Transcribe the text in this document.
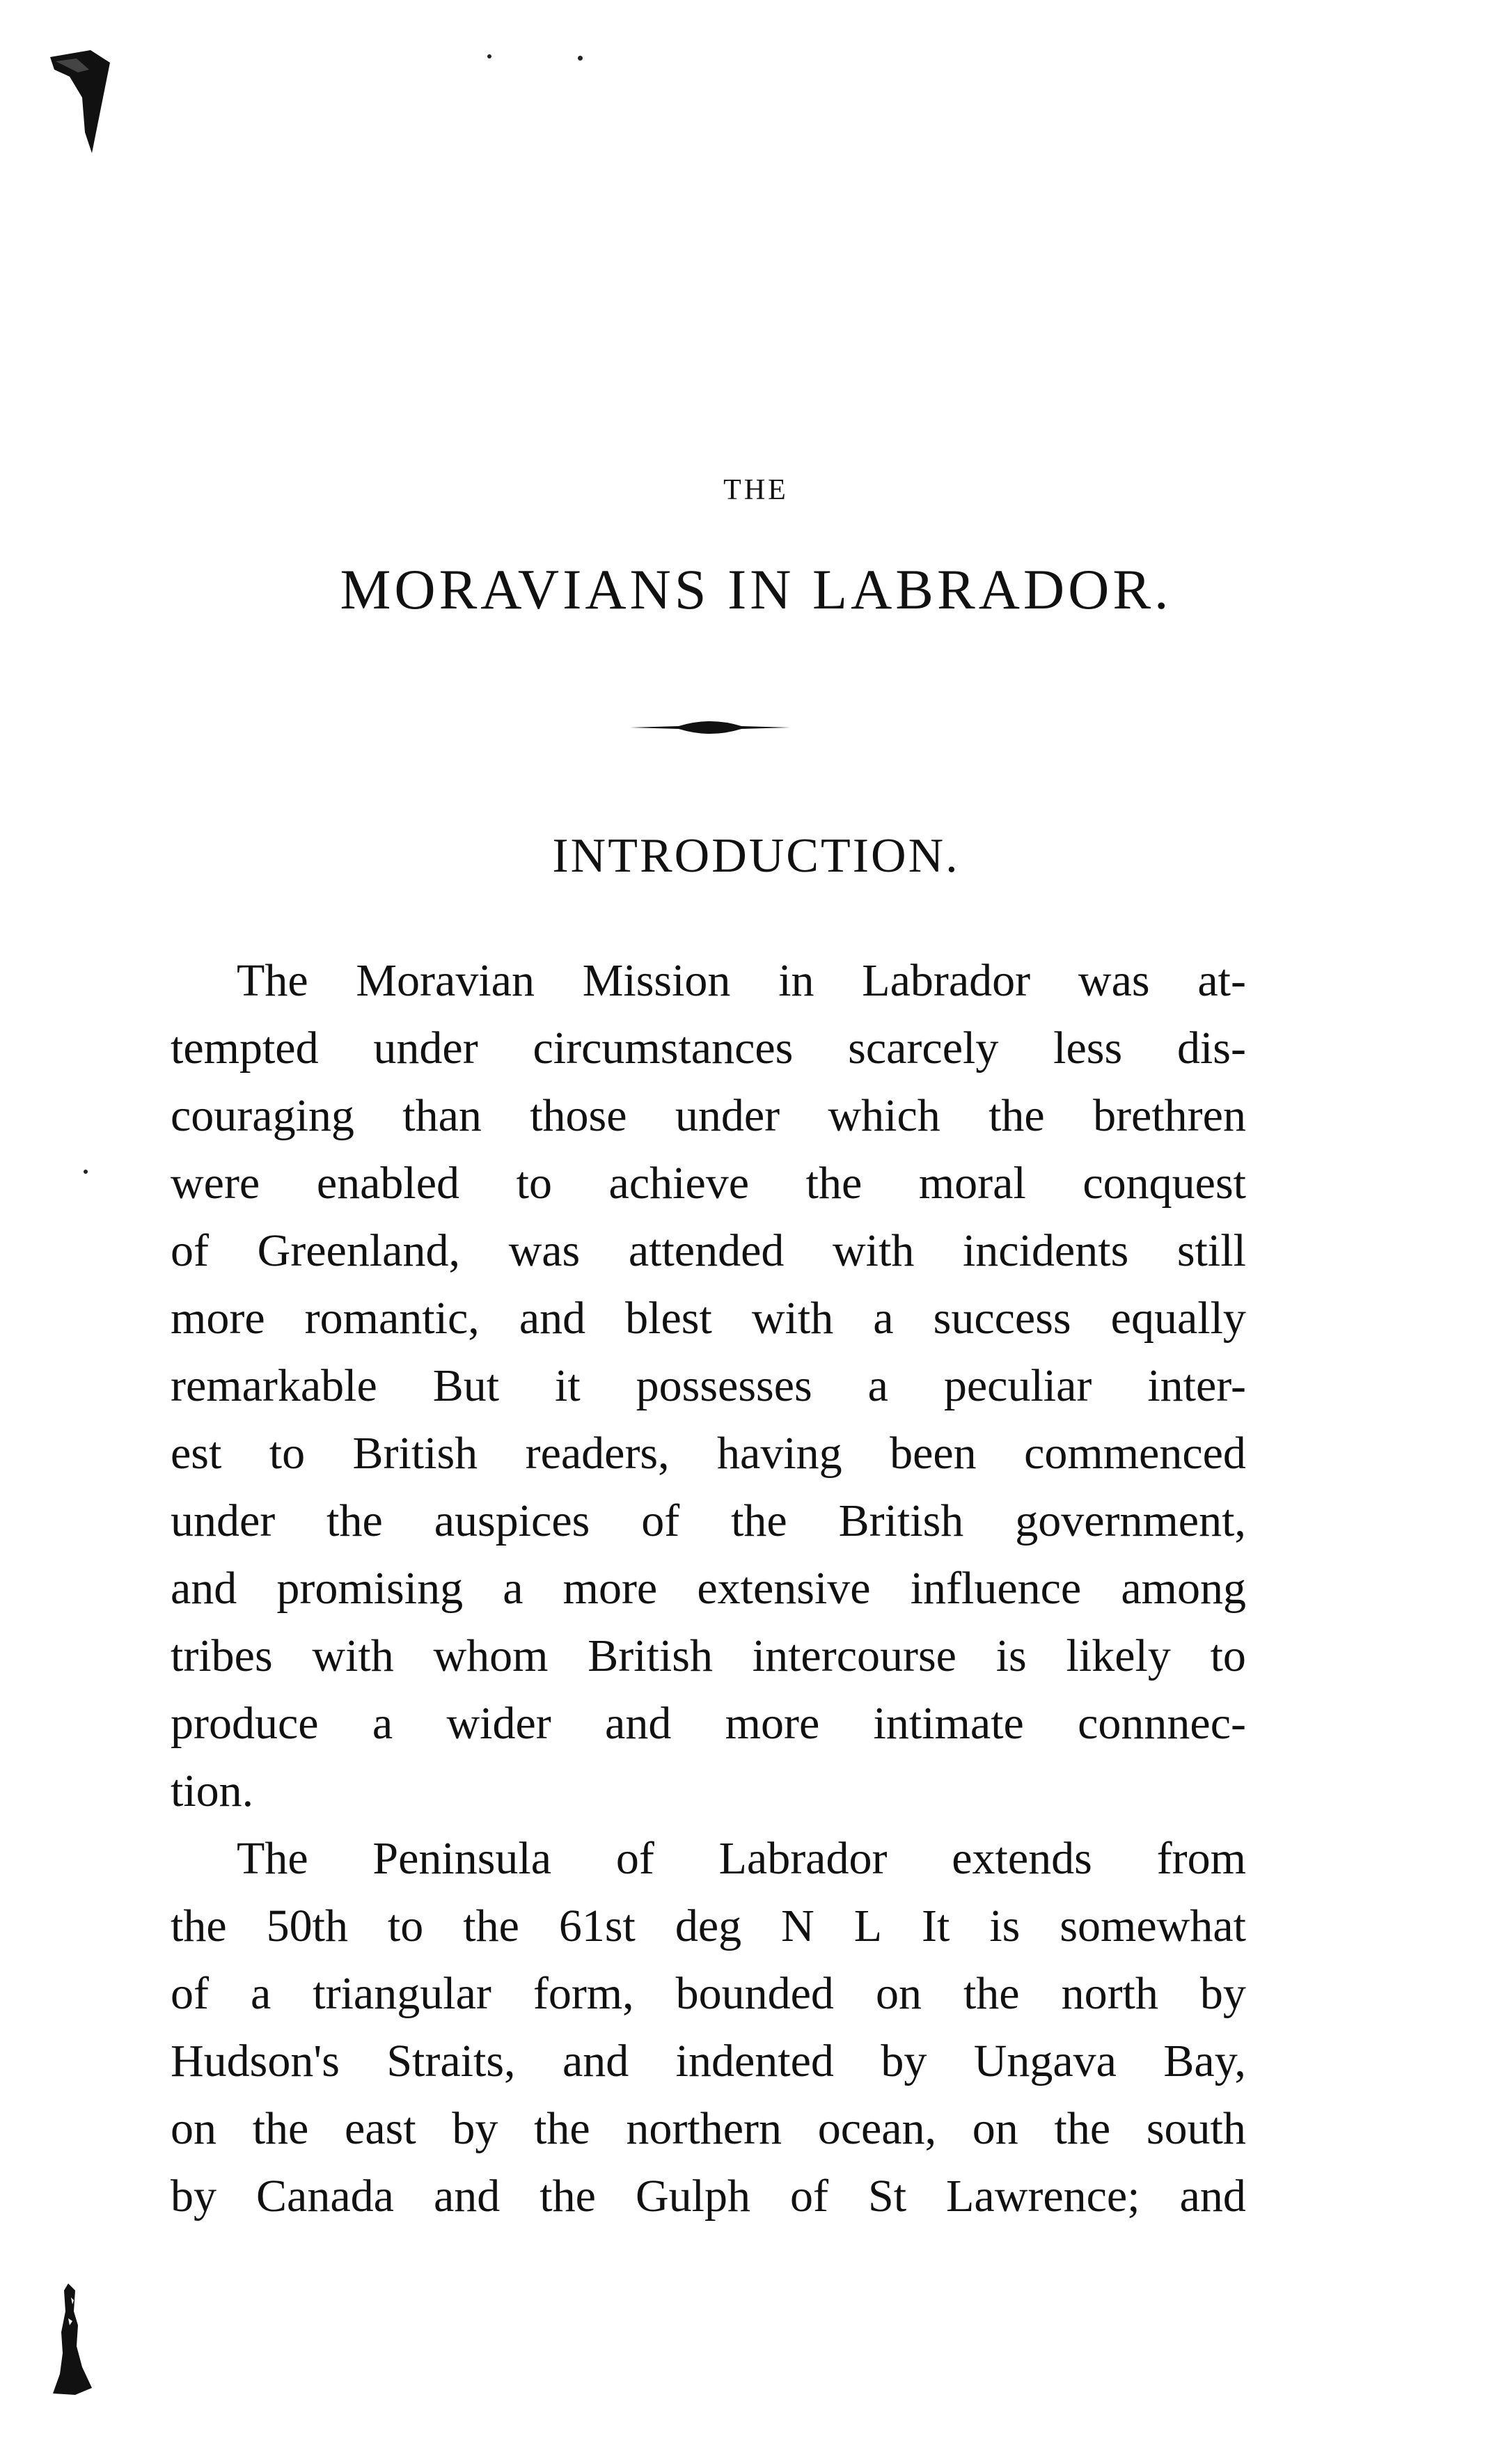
THE
MORAVIANS IN LABRADOR.
INTRODUCTION.
The Moravian Mission in Labrador was at-
tempted under circumstances scarcely less dis-
couraging than those under which the brethren
were enabled to achieve the moral conquest
of Greenland, was attended with incidents still
more romantic, and blest with a success equally
remarkable But it possesses a peculiar inter-
est to British readers, having been commenced
under the auspices of the British government,
and promising a more extensive influence among
tribes with whom British intercourse is likely to
produce a wider and more intimate connnec-
tion.
The Peninsula of Labrador extends from
the 50th to the 61st deg N L It is somewhat
of a triangular form, bounded on the north by
Hudson's Straits, and indented by Ungava Bay,
on the east by the northern ocean, on the south
by Canada and the Gulph of St Lawrence; and
